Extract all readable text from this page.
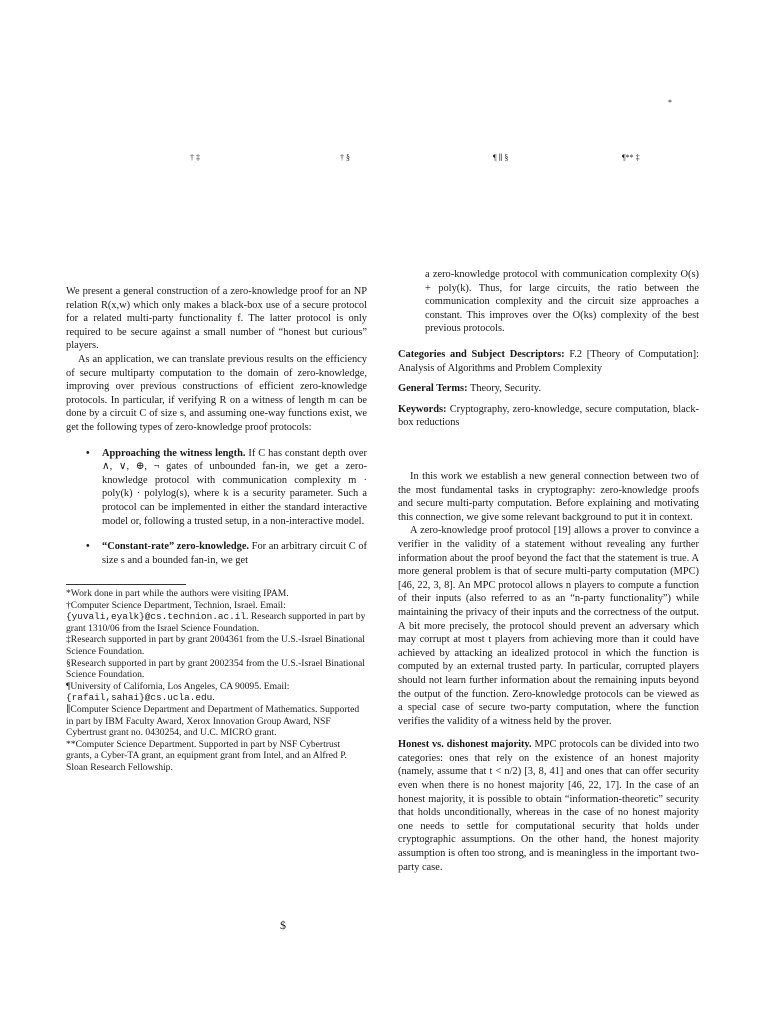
*
† ‡	† §	¶ ∥ §	¶** ‡

We present a general construction of a zero-knowledge proof for an NP relation R(x,w) which only makes a black-box use of a secure protocol for a related multi-party functionality f. The latter protocol is only required to be secure against a small number of “honest but curious” players.

As an application, we can translate previous results on the efficiency of secure multiparty computation to the domain of zero-knowledge, improving over previous constructions of efficient zero-knowledge protocols. In particular, if verifying R on a witness of length m can be done by a circuit C of size s, and assuming one-way functions exist, we get the following types of zero-knowledge proof protocols:

• Approaching the witness length. If C has constant depth over ∧, ∨, ⊕, ¬ gates of unbounded fan-in, we get a zero-knowledge protocol with communication complexity m · poly(k) · polylog(s), where k is a security parameter. Such a protocol can be implemented in either the standard interactive model or, following a trusted setup, in a non-interactive model.
• “Constant-rate” zero-knowledge. For an arbitrary circuit C of size s and a bounded fan-in, we get

*Work done in part while the authors were visiting IPAM.

†Computer Science Department, Technion, Israel. Email: {yuvali,eyalk}@cs.technion.ac.il. Research supported in part by grant 1310/06 from the Israel Science Foundation.

‡Research supported in part by grant 2004361 from the U.S.-Israel Binational Science Foundation.

§Research supported in part by grant 2002354 from the U.S.-Israel Binational Science Foundation.

¶University of California, Los Angeles, CA 90095. Email: {rafail,sahai}@cs.ucla.edu.

∥Computer Science Department and Department of Mathematics. Supported in part by IBM Faculty Award, Xerox Innovation Group Award, NSF Cybertrust grant no. 0430254, and U.C. MICRO grant.

**Computer Science Department. Supported in part by NSF Cybertrust grants, a Cyber-TA grant, an equipment grant from Intel, and an Alfred P. Sloan Research Fellowship.

a zero-knowledge protocol with communication complexity O(s) + poly(k). Thus, for large circuits, the ratio between the communication complexity and the circuit size approaches a constant. This improves over the O(ks) complexity of the best previous protocols.

Categories and Subject Descriptors: F.2 [Theory of Computation]: Analysis of Algorithms and Problem Complexity

General Terms: Theory, Security.

Keywords: Cryptography, zero-knowledge, secure computation, black-box reductions

In this work we establish a new general connection between two of the most fundamental tasks in cryptography: zero-knowledge proofs and secure multi-party computation. Before explaining and motivating this connection, we give some relevant background to put it in context.

A zero-knowledge proof protocol [19] allows a prover to convince a verifier in the validity of a statement without revealing any further information about the proof beyond the fact that the statement is true. A more general problem is that of secure multi-party computation (MPC) [46, 22, 3, 8]. An MPC protocol allows n players to compute a function of their inputs (also referred to as an “n-party functionality”) while maintaining the privacy of their inputs and the correctness of the output. A bit more precisely, the protocol should prevent an adversary which may corrupt at most t players from achieving more than it could have achieved by attacking an idealized protocol in which the function is computed by an external trusted party. In particular, corrupted players should not learn further information about the remaining inputs beyond the output of the function. Zero-knowledge protocols can be viewed as a special case of secure two-party computation, where the function verifies the validity of a witness held by the prover.

Honest vs. dishonest majority. MPC protocols can be divided into two categories: ones that rely on the existence of an honest majority (namely, assume that t < n/2) [3, 8, 41] and ones that can offer security even when there is no honest majority [46, 22, 17]. In the case of an honest majority, it is possible to obtain “information-theoretic” security that holds unconditionally, whereas in the case of no honest majority one needs to settle for computational security that holds under cryptographic assumptions. On the other hand, the honest majority assumption is often too strong, and is meaningless in the important two-party case.

$
